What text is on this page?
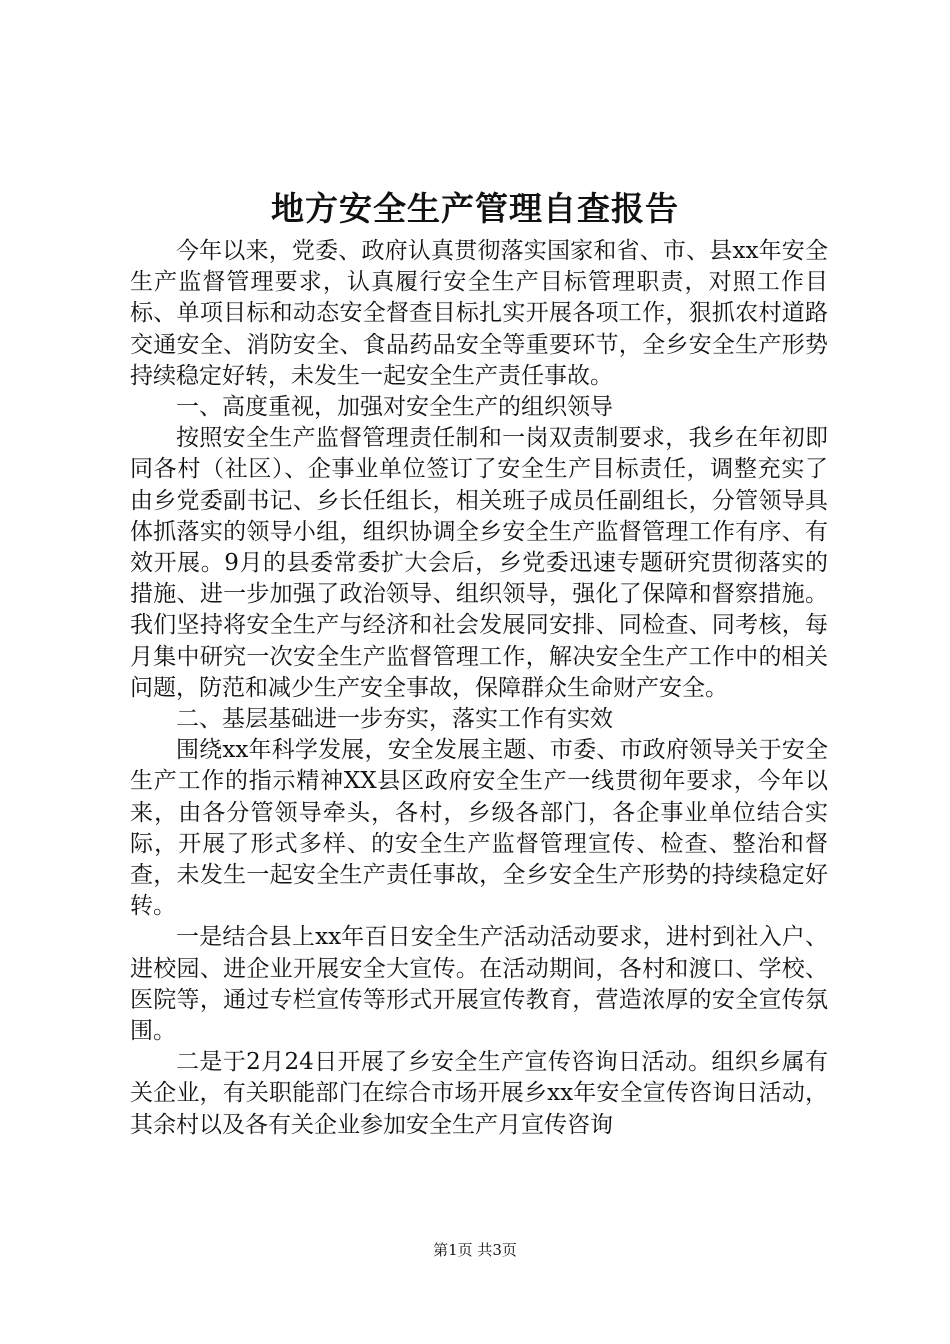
地方安全生产管理自查报告

今年以来，党委、政府认真贯彻落实国家和省、市、县xx年安全生产监督管理要求，认真履行安全生产目标管理职责，对照工作目标、单项目标和动态安全督查目标扎实开展各项工作，狠抓农村道路交通安全、消防安全、食品药品安全等重要环节，全乡安全生产形势持续稳定好转，未发生一起安全生产责任事故。

一、高度重视，加强对安全生产的组织领导

按照安全生产监督管理责任制和一岗双责制要求，我乡在年初即同各村（社区）、企事业单位签订了安全生产目标责任，调整充实了由乡党委副书记、乡长任组长，相关班子成员任副组长，分管领导具体抓落实的领导小组，组织协调全乡安全生产监督管理工作有序、有效开展。9月的县委常委扩大会后，乡党委迅速专题研究贯彻落实的措施、进一步加强了政治领导、组织领导，强化了保障和督察措施。我们坚持将安全生产与经济和社会发展同安排、同检查、同考核，每月集中研究一次安全生产监督管理工作，解决安全生产工作中的相关问题，防范和减少生产安全事故，保障群众生命财产安全。

二、基层基础进一步夯实，落实工作有实效

围绕xx年科学发展，安全发展主题、市委、市政府领导关于安全生产工作的指示精神XX县区政府安全生产一线贯彻年要求，今年以来，由各分管领导牵头，各村，乡级各部门，各企事业单位结合实际，开展了形式多样、的安全生产监督管理宣传、检查、整治和督查，未发生一起安全生产责任事故，全乡安全生产形势的持续稳定好转。

一是结合县上xx年百日安全生产活动活动要求，进村到社入户、进校园、进企业开展安全大宣传。在活动期间，各村和渡口、学校、医院等，通过专栏宣传等形式开展宣传教育，营造浓厚的安全宣传氛围。

二是于2月24日开展了乡安全生产宣传咨询日活动。组织乡属有关企业，有关职能部门在综合市场开展乡xx年安全宣传咨询日活动，其余村以及各有关企业参加安全生产月宣传咨询

第1页 共3页
